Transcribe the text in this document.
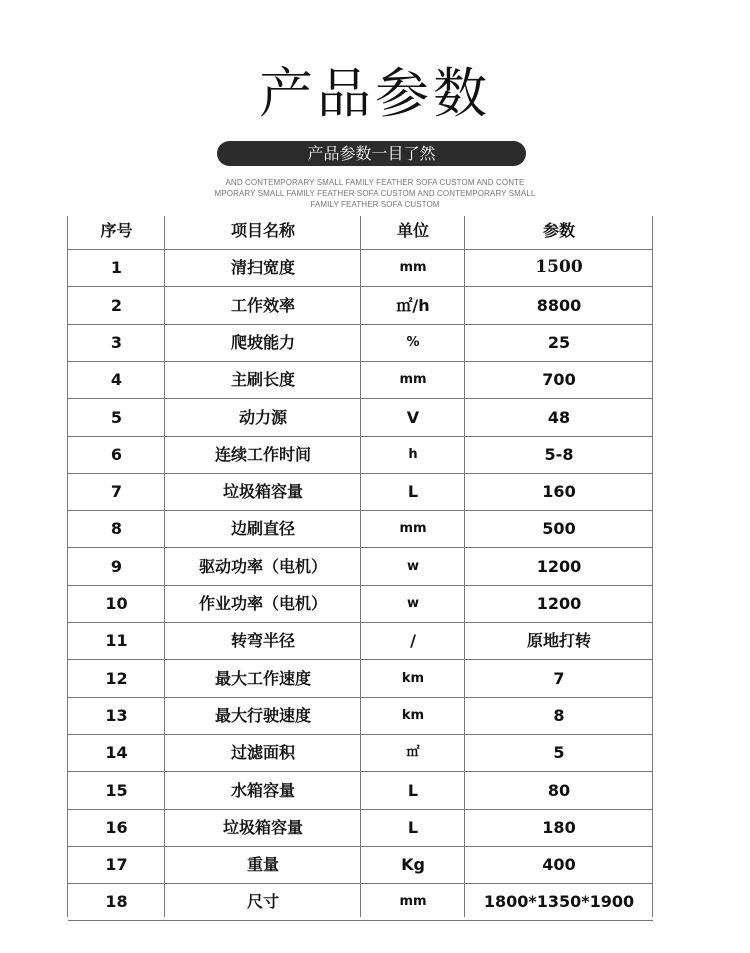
产品参数
产品参数一目了然
AND CONTEMPORARY SMALL FAMILY FEATHER SOFA CUSTOM AND CONTE
MPORARY SMALL FAMILY FEATHER SOFA CUSTOM AND CONTEMPORARY SMALL
FAMILY FEATHER SOFA CUSTOM
序号	项目名称	单位	参数
1	清扫宽度	mm	1500
2	工作效率	㎡/h	8800
3	爬坡能力	%	25
4	主刷长度	mm	700
5	动力源	V	48
6	连续工作时间	h	5-8
7	垃圾箱容量	L	160
8	边刷直径	mm	500
9	驱动功率（电机）	w	1200
10	作业功率（电机）	w	1200
11	转弯半径	/	原地打转
12	最大工作速度	km	7
13	最大行驶速度	km	8
14	过滤面积	㎡	5
15	水箱容量	L	80
16	垃圾箱容量	L	180
17	重量	Kg	400
18	尺寸	mm	1800*1350*1900
